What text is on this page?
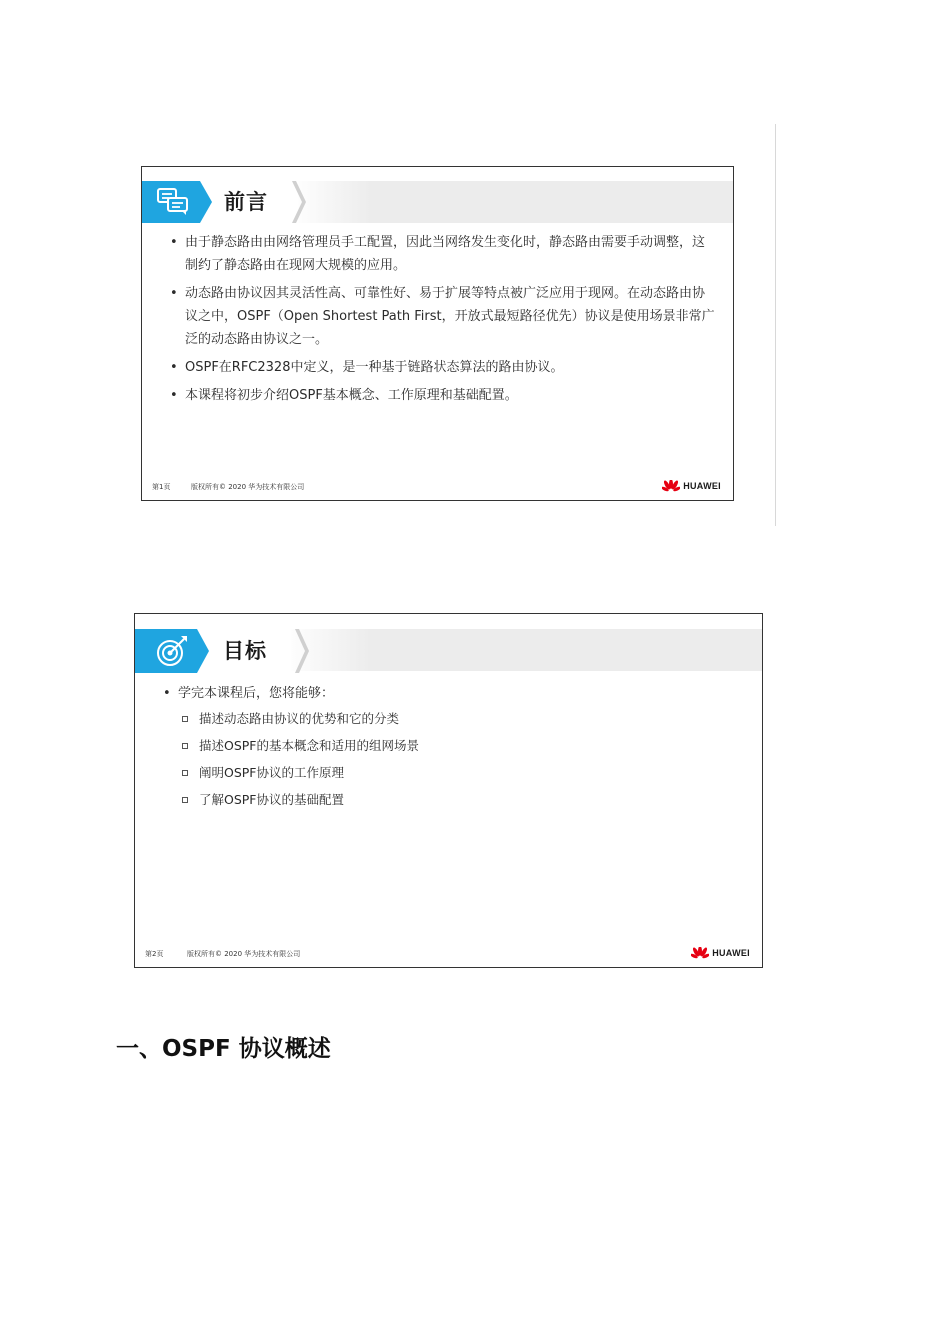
前言
• 由于静态路由由网络管理员手工配置，因此当网络发生变化时，静态路由需要手动调整，这制约了静态路由在现网大规模的应用。
• 动态路由协议因其灵活性高、可靠性好、易于扩展等特点被广泛应用于现网。在动态路由协议之中，OSPF（Open Shortest Path First，开放式最短路径优先）协议是使用场景非常广泛的动态路由协议之一。
• OSPF在RFC2328中定义，是一种基于链路状态算法的路由协议。
• 本课程将初步介绍OSPF基本概念、工作原理和基础配置。
第1页	版权所有© 2020 华为技术有限公司	HUAWEI
目标
• 学完本课程后，您将能够：
描述动态路由协议的优势和它的分类
描述OSPF的基本概念和适用的组网场景
阐明OSPF协议的工作原理
了解OSPF协议的基础配置
第2页	版权所有© 2020 华为技术有限公司	HUAWEI
一、OSPF 协议概述
